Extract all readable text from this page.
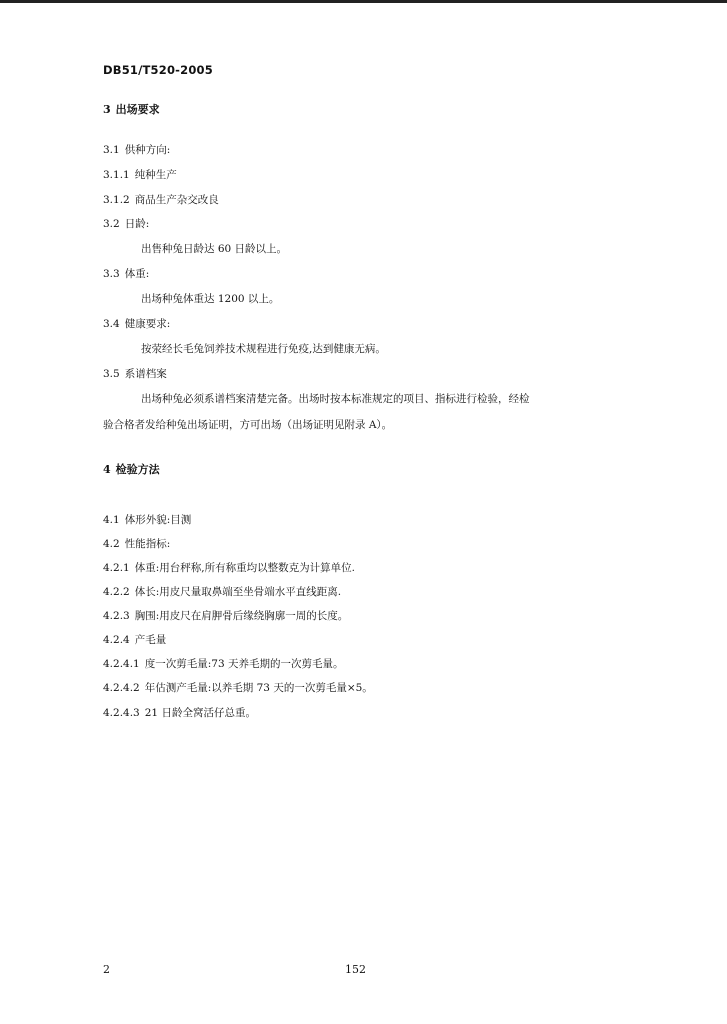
DB51/T520-2005
3 出场要求
3.1 供种方向:
3.1.1 纯种生产
3.1.2 商品生产杂交改良
3.2 日龄:
出售种兔日龄达 60 日龄以上。
3.3 体重:
出场种兔体重达 1200 以上。
3.4 健康要求:
按荥经长毛兔饲养技术规程进行免疫,达到健康无病。
3.5 系谱档案
出场种兔必须系谱档案清楚完备。出场时按本标准规定的项目、指标进行检验，经检
验合格者发给种兔出场证明，方可出场（出场证明见附录 A）。
4 检验方法
4.1 体形外貌:目测
4.2 性能指标:
4.2.1 体重:用台秤称,所有称重均以整数克为计算单位.
4.2.2 体长:用皮尺量取鼻端至坐骨端水平直线距离.
4.2.3 胸围:用皮尺在肩胛骨后缘绕胸廓一周的长度。
4.2.4 产毛量
4.2.4.1 度一次剪毛量:73 天养毛期的一次剪毛量。
4.2.4.2 年估测产毛量:以养毛期 73 天的一次剪毛量×5。
4.2.4.3 21 日龄全窝活仔总重。
2	152
